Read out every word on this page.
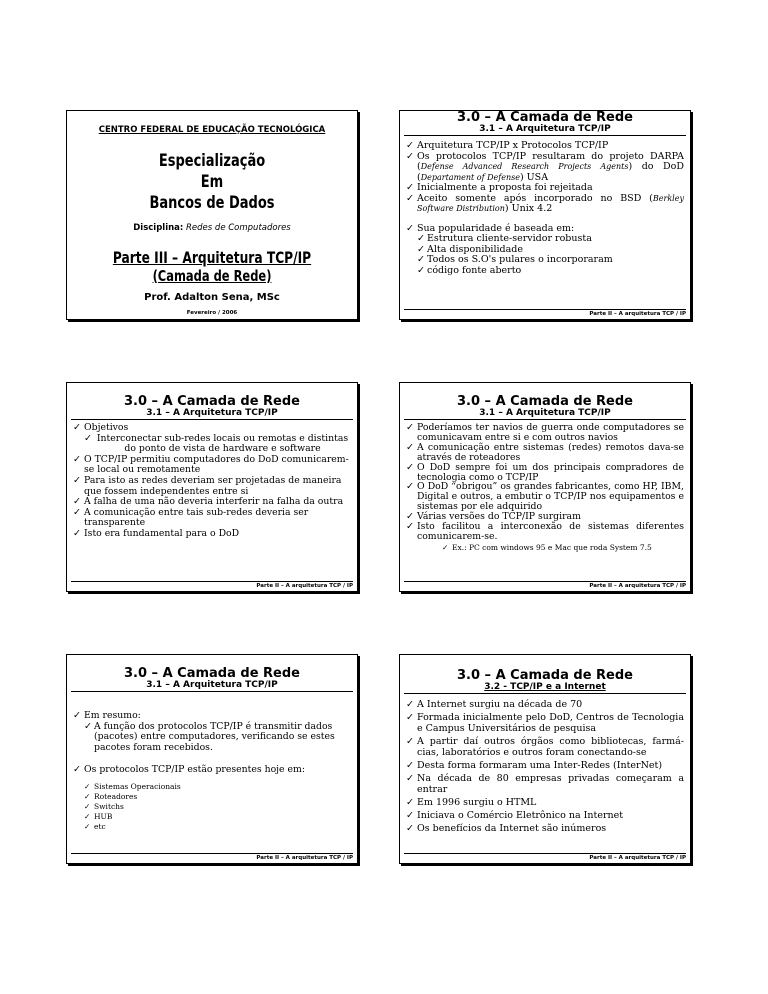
CENTRO FEDERAL DE EDUCAÇÃO TECNOLÓGICA
Especialização
Em
Bancos de Dados
Disciplina: Redes de Computadores
Parte III – Arquitetura TCP/IP
(Camada de Rede)
Prof. Adalton Sena, MSc
Fevereiro / 2006
3.0 – A Camada de Rede
3.1 – A Arquitetura TCP/IP
✓ Arquitetura TCP/IP x Protocolos TCP/IP
✓ Os protocolos TCP/IP resultaram do projeto DARPA (Defense Advanced Research Projects Agents) do DoD (Departament of Defense) USA
✓ Inicialmente a proposta foi rejeitada
✓ Aceito somente após incorporado no BSD (Berkley Software Distribution) Unix 4.2
✓ Sua popularidade é baseada em:
✓ Estrutura cliente-servidor robusta
✓ Alta disponibilidade
✓ Todos os S.O's pulares o incorporaram
✓ código fonte aberto
Parte II – A arquitetura TCP / IP
3.0 – A Camada de Rede
3.1 – A Arquitetura TCP/IP
✓ Objetivos
✓ Interconectar sub-redes locais ou remotas e distintas do ponto de vista de hardware e software
✓ O TCP/IP permitiu computadores do DoD comunicarem-se local ou remotamente
✓ Para isto as redes deveriam ser projetadas de maneira que fossem independentes entre si
✓ A falha de uma não deveria interferir na falha da outra
✓ A comunicação entre tais sub-redes deveria ser transparente
✓ Isto era fundamental para o DoD
Parte II – A arquitetura TCP / IP
3.0 – A Camada de Rede
3.1 – A Arquitetura TCP/IP
✓ Poderíamos ter navios de guerra onde computadores se comunicavam entre si e com outros navios
✓ A comunicação entre sistemas (redes) remotos dava-se através de roteadores
✓ O DoD sempre foi um dos principais compradores de tecnologia como o TCP/IP
✓ O DoD “obrigou” os grandes fabricantes, como HP, IBM, Digital e outros, a embutir o TCP/IP nos equipamentos e sistemas por ele adquirido
✓ Várias versões do TCP/IP surgiram
✓ Isto facilitou a interconexão de sistemas diferentes comunicarem-se.
✓ Ex.: PC com windows 95 e Mac que roda System 7.5
Parte II – A arquitetura TCP / IP
3.0 – A Camada de Rede
3.1 – A Arquitetura TCP/IP
✓ Em resumo:
✓ A função dos protocolos TCP/IP é transmitir dados (pacotes) entre computadores, verificando se estes pacotes foram recebidos.
✓ Os protocolos TCP/IP estão presentes hoje em:
✓ Sistemas Operacionais
✓ Roteadores
✓ Switchs
✓ HUB
✓ etc
Parte II – A arquitetura TCP / IP
3.0 – A Camada de Rede
3.2 - TCP/IP e a Internet
✓ A Internet surgiu na década de 70
✓ Formada inicialmente pelo DoD, Centros de Tecnologia e Campus Universitários de pesquisa
✓ A partir daí outros órgãos como bibliotecas, farmá-cias, laboratórios e outros foram conectando-se
✓ Desta forma formaram uma Inter-Redes (InterNet)
✓ Na década de 80 empresas privadas começaram a entrar
✓ Em 1996 surgiu o HTML
✓ Iniciava o Comércio Eletrônico na Internet
✓ Os benefícios da Internet são inúmeros
Parte II – A arquitetura TCP / IP
